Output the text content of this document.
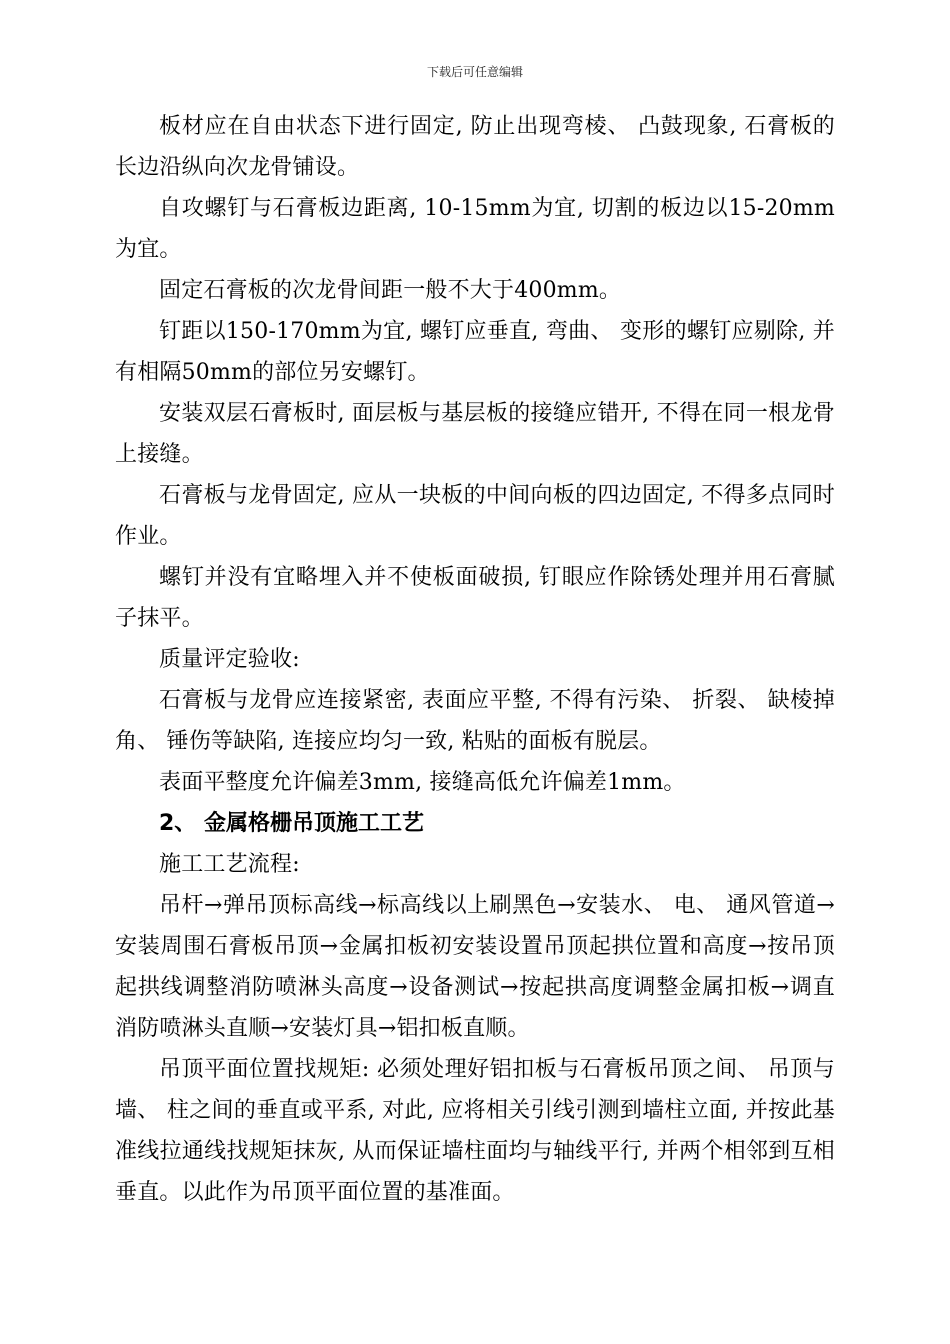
下载后可任意编辑

板材应在自由状态下进行固定, 防止出现弯棱、 凸鼓现象, 石膏板的长边沿纵向次龙骨铺设。

自攻螺钉与石膏板边距离, 10-15mm为宜, 切割的板边以15-20mm为宜。

固定石膏板的次龙骨间距一般不大于400mm。

钉距以150-170mm为宜, 螺钉应垂直, 弯曲、 变形的螺钉应剔除, 并有相隔50mm的部位另安螺钉。

安装双层石膏板时, 面层板与基层板的接缝应错开, 不得在同一根龙骨上接缝。

石膏板与龙骨固定, 应从一块板的中间向板的四边固定, 不得多点同时作业。

螺钉并没有宜略埋入并不使板面破损, 钉眼应作除锈处理并用石膏腻子抹平。

质量评定验收:

石膏板与龙骨应连接紧密, 表面应平整, 不得有污染、 折裂、 缺棱掉角、 锤伤等缺陷, 连接应均匀一致, 粘贴的面板有脱层。

表面平整度允许偏差3mm, 接缝高低允许偏差1mm。

2、 金属格栅吊顶施工工艺

施工工艺流程:

吊杆→弹吊顶标高线→标高线以上刷黑色→安装水、 电、 通风管道→安装周围石膏板吊顶→金属扣板初安装设置吊顶起拱位置和高度→按吊顶起拱线调整消防喷淋头高度→设备测试→按起拱高度调整金属扣板→调直消防喷淋头直顺→安装灯具→铝扣板直顺。

吊顶平面位置找规矩: 必须处理好铝扣板与石膏板吊顶之间、 吊顶与墙、 柱之间的垂直或平系, 对此, 应将相关引线引测到墙柱立面, 并按此基准线拉通线找规矩抹灰, 从而保证墙柱面均与轴线平行, 并两个相邻到互相垂直。以此作为吊顶平面位置的基准面。
